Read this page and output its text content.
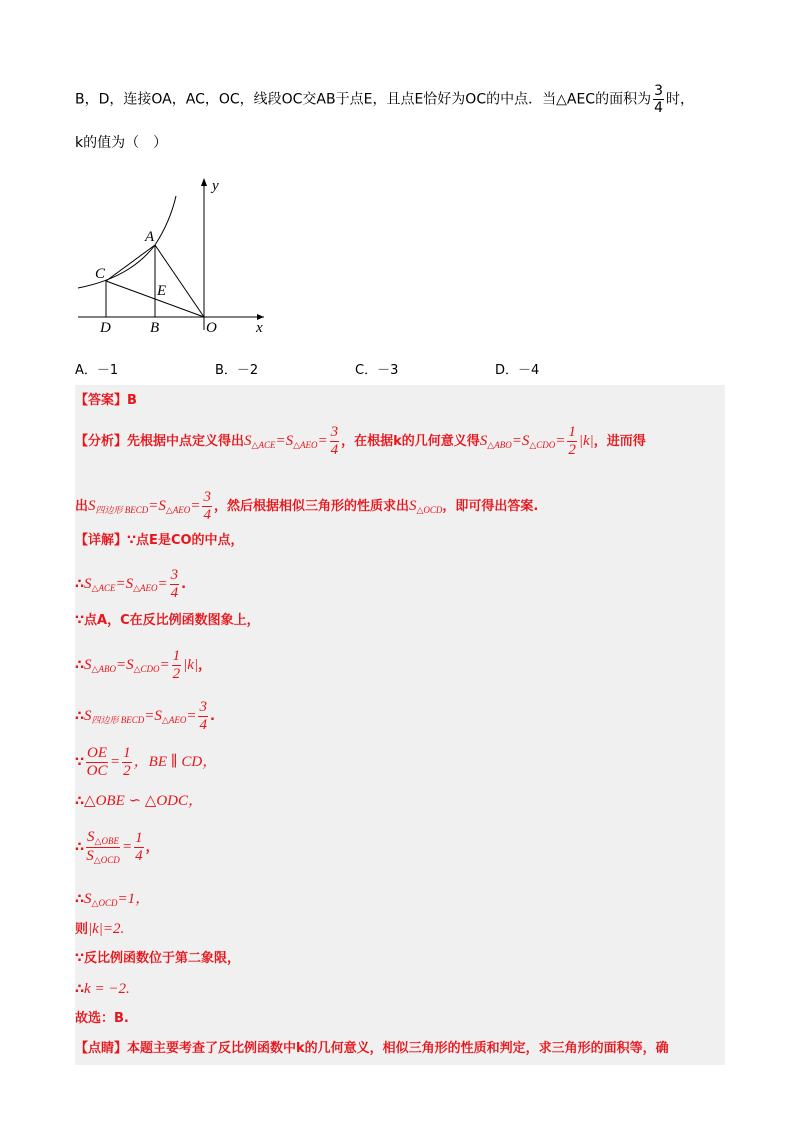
B，D，连接OA，AC，OC，线段OC交AB于点E，且点E恰好为OC的中点．当△AEC的面积为 $\frac{3}{4}$ 时，
k的值为（　）
y
x
A
C
E
D	B	O
A．－1	B．－2	C．－3	D．－4
【答案】B
【分析】先根据中点定义得出$S_{\triangle ACE}=S_{\triangle AEO}= \frac{3}{4}$ ，在根据k的几何意义得$S_{\triangle ABO}=S_{\triangle CDO}= \frac{1}{2} |k|$，进而得
出$S_{四边形 BECD}=S_{\triangle AEO}= \frac{3}{4}$ ，然后根据相似三角形的性质求出$S_{\triangle OCD}$，即可得出答案.
【详解】∵点E是CO的中点，
$\therefore S_{\triangle ACE}=S_{\triangle AEO}= \frac{3}{4}$ .
∵点A，C在反比例函数图象上，
$\therefore S_{\triangle ABO}=S_{\triangle CDO}= \frac{1}{2} |k|$，
$\therefore S_{四边形 BECD}=S_{\triangle AEO}= \frac{3}{4}$ .
∵ $\frac{OE}{OC} = \frac{1}{2}$ ，BE ∥ CD，
∴△OBE ∽ △ODC，
∴ $\frac{S_{\triangle OBE}}{S_{\triangle OCD}} = \frac{1}{4}$ ，
$\therefore S_{\triangle OCD}=1$，
则|k|=2.
∵反比例函数位于第二象限，
∴k = −2.
故选：B.
【点睛】本题主要考查了反比例函数中k的几何意义，相似三角形的性质和判定，求三角形的面积等，确
